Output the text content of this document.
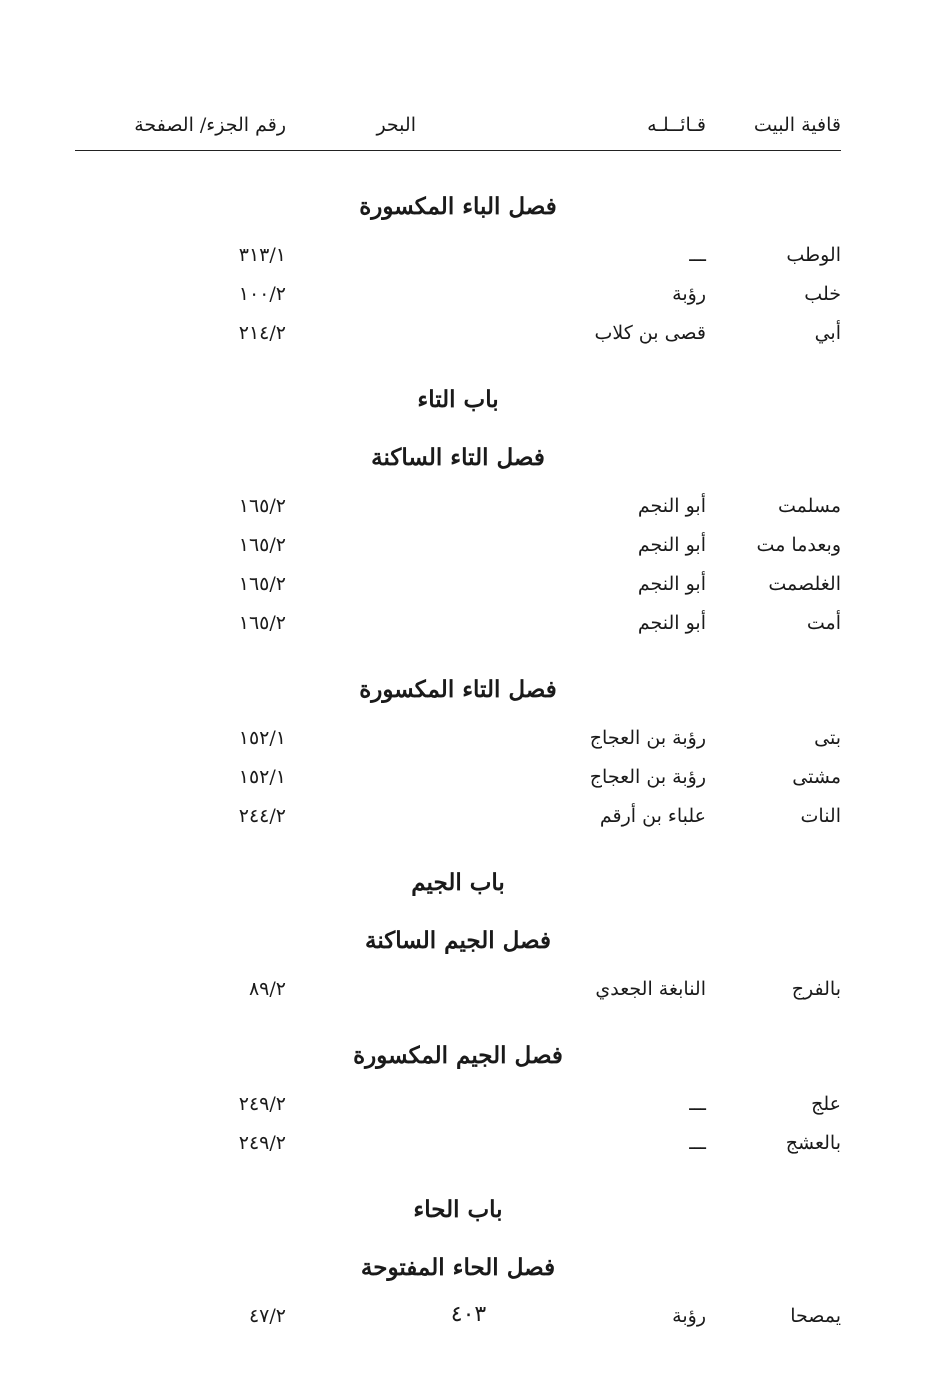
قافية البيت
قـائــلـه
البحر
رقم الجزء/ الصفحة
فصل الباء المكسورة
الوطب
ـــ
٣١٣/١
خلب
رؤبة
١٠٠/٢
أبي
قصى بن كلاب
٢١٤/٢
باب التاء
فصل التاء الساكنة
مسلمت
أبو النجم
١٦٥/٢
وبعدما مت
أبو النجم
١٦٥/٢
الغلصمت
أبو النجم
١٦٥/٢
أمت
أبو النجم
١٦٥/٢
فصل التاء المكسورة
بتى
رؤبة بن العجاج
١٥٢/١
مشتى
رؤبة بن العجاج
١٥٢/١
النات
علباء بن أرقم
٢٤٤/٢
باب الجيم
فصل الجيم الساكنة
بالفرج
النابغة الجعدي
٨٩/٢
فصل الجيم المكسورة
علج
ـــ
٢٤٩/٢
بالعشج
ـــ
٢٤٩/٢
باب الحاء
فصل الحاء المفتوحة
يمصحا
رؤبة
٤٧/٢	٤٠٣
